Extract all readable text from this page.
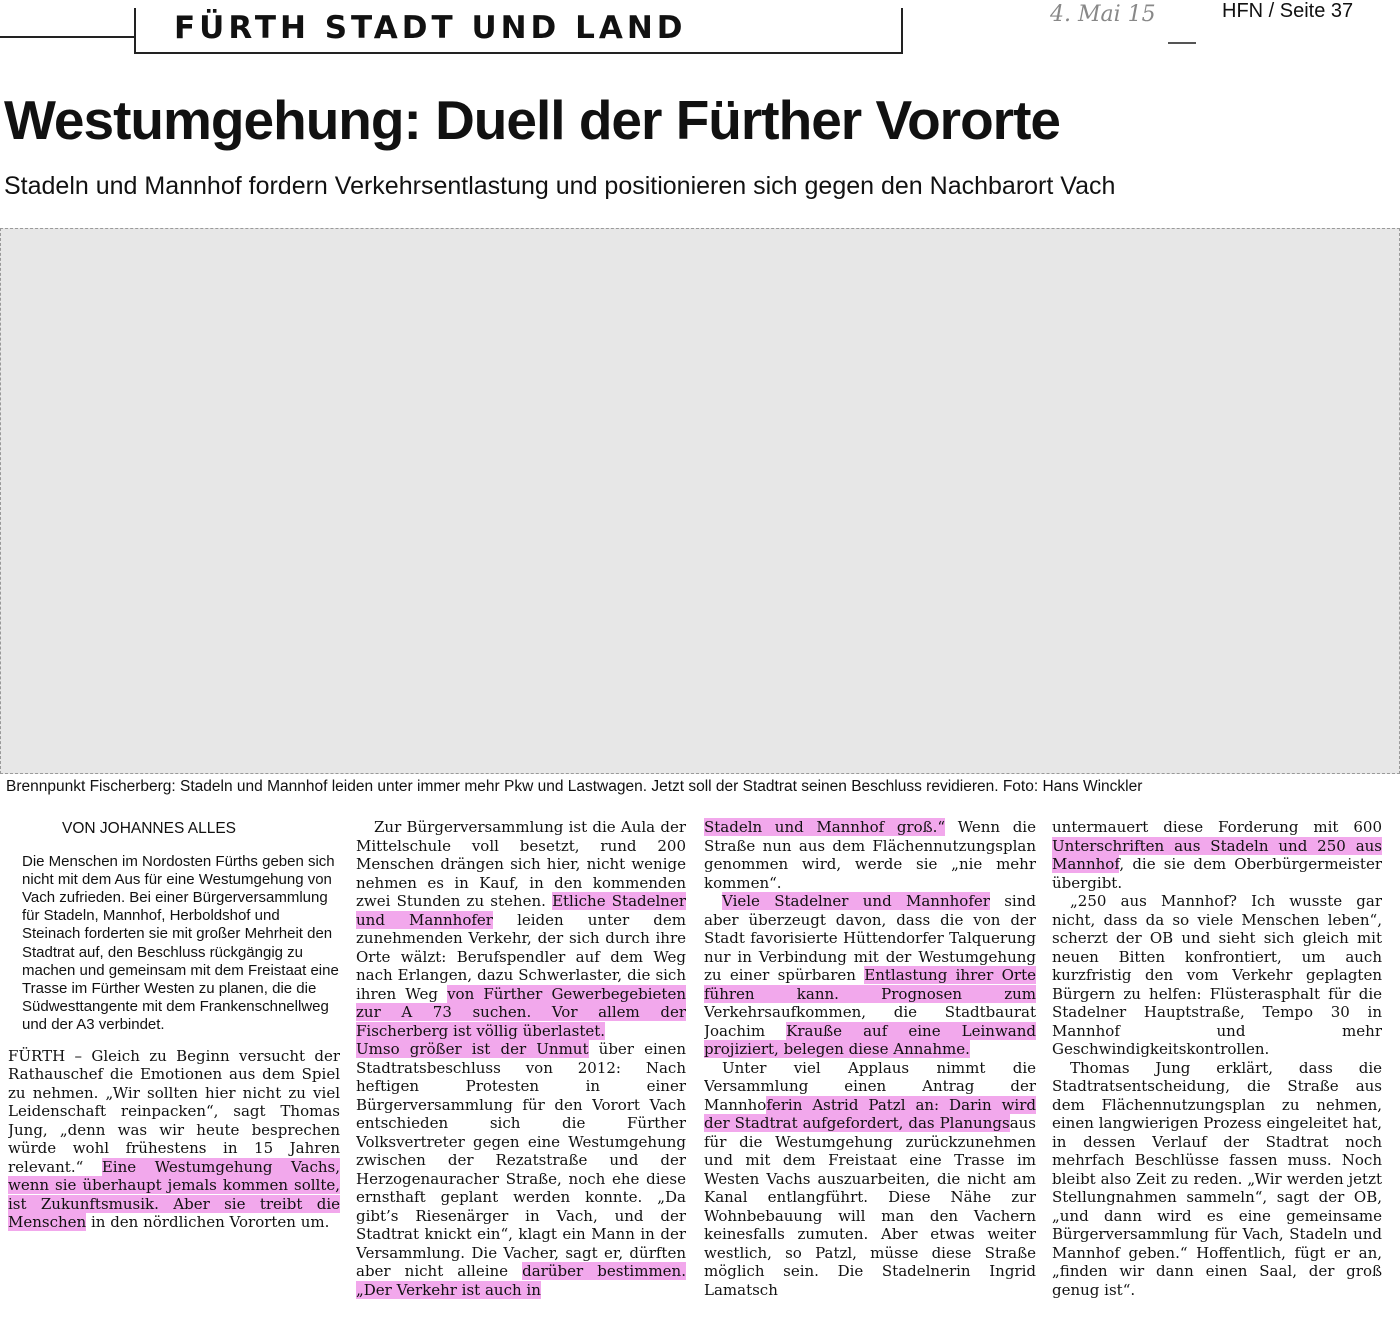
FÜRTH STADT UND LAND	4. Mai 15	HFN / Seite 37
Westumgehung: Duell der Fürther Vororte
Stadeln und Mannhof fordern Verkehrsentlastung und positionieren sich gegen den Nachbarort Vach
Brennpunkt Fischerberg: Stadeln und Mannhof leiden unter immer mehr Pkw und Lastwagen. Jetzt soll der Stadtrat seinen Beschluss revidieren. Foto: Hans Winckler
VON JOHANNES ALLES
Die Menschen im Nordosten Fürths geben sich nicht mit dem Aus für eine Westumgehung von Vach zufrieden. Bei einer Bürgerversammlung für Stadeln, Mannhof, Herboldshof und Steinach forderten sie mit großer Mehrheit den Stadtrat auf, den Beschluss rückgängig zu machen und gemeinsam mit dem Freistaat eine Trasse im Fürther Westen zu planen, die die Südwesttangente mit dem Frankenschnellweg und der A3 verbindet.

FÜRTH – Gleich zu Beginn versucht der Rathauschef die Emotionen aus dem Spiel zu nehmen. „Wir sollten hier nicht zu viel Leidenschaft reinpacken“, sagt Thomas Jung, „denn was wir heute besprechen würde wohl frühestens in 15 Jahren relevant.“ Eine Westumgehung Vachs, wenn sie überhaupt jemals kommen sollte, ist Zukunftsmusik. Aber sie treibt die Menschen in den nördlichen Vororten um.

Zur Bürgerversammlung ist die Aula der Mittelschule voll besetzt, rund 200 Menschen drängen sich hier, nicht wenige nehmen es in Kauf, in den kommenden zwei Stunden zu stehen. Etliche Stadelner und Mannhofer leiden unter dem zunehmenden Verkehr, der sich durch ihre Orte wälzt: Berufspendler auf dem Weg nach Erlangen, dazu Schwerlaster, die sich ihren Weg von Fürther Gewerbegebieten zur A 73 suchen. Vor allem der Fischerberg ist völlig überlastet.

Umso größer ist der Unmut über einen Stadtratsbeschluss von 2012: Nach heftigen Protesten in einer Bürgerversammlung für den Vorort Vach entschieden sich die Fürther Volksvertreter gegen eine Westumgehung zwischen der Rezatstraße und der Herzogenauracher Straße, noch ehe diese ernsthaft geplant werden konnte. „Da gibt’s Riesenärger in Vach, und der Stadtrat knickt ein“, klagt ein Mann in der Versammlung. Die Vacher, sagt er, dürften aber nicht alleine darüber bestimmen. „Der Verkehr ist auch in

Stadeln und Mannhof groß.“ Wenn die Straße nun aus dem Flächennutzungsplan genommen wird, werde sie „nie mehr kommen“.

Viele Stadelner und Mannhofer sind aber überzeugt davon, dass die von der Stadt favorisierte Hüttendorfer Talquerung nur in Verbindung mit der Westumgehung zu einer spürbaren Entlastung ihrer Orte führen kann. Prognosen zum Verkehrsaufkommen, die Stadtbaurat Joachim Krauße auf eine Leinwand projiziert, belegen diese Annahme.

Unter viel Applaus nimmt die Versammlung einen Antrag der Mannhoferin Astrid Patzl an: Darin wird der Stadtrat aufgefordert, das Planungsaus für die Westumgehung zurückzunehmen und mit dem Freistaat eine Trasse im Westen Vachs auszuarbeiten, die nicht am Kanal entlangführt. Diese Nähe zur Wohnbebauung will man den Vachern keinesfalls zumuten. Aber etwas weiter westlich, so Patzl, müsse diese Straße möglich sein. Die Stadelnerin Ingrid Lamatsch

untermauert diese Forderung mit 600 Unterschriften aus Stadeln und 250 aus Mannhof, die sie dem Oberbürgermeister übergibt.

„250 aus Mannhof? Ich wusste gar nicht, dass da so viele Menschen leben“, scherzt der OB und sieht sich gleich mit neuen Bitten konfrontiert, um auch kurzfristig den vom Verkehr geplagten Bürgern zu helfen: Flüsterasphalt für die Stadelner Hauptstraße, Tempo 30 in Mannhof und mehr Geschwindigkeitskontrollen.

Thomas Jung erklärt, dass die Stadtratsentscheidung, die Straße aus dem Flächennutzungsplan zu nehmen, einen langwierigen Prozess eingeleitet hat, in dessen Verlauf der Stadtrat noch mehrfach Beschlüsse fassen muss. Noch bleibt also Zeit zu reden. „Wir werden jetzt Stellungnahmen sammeln“, sagt der OB, „und dann wird es eine gemeinsame Bürgerversammlung für Vach, Stadeln und Mannhof geben.“ Hoffentlich, fügt er an, „finden wir dann einen Saal, der groß genug ist“.
